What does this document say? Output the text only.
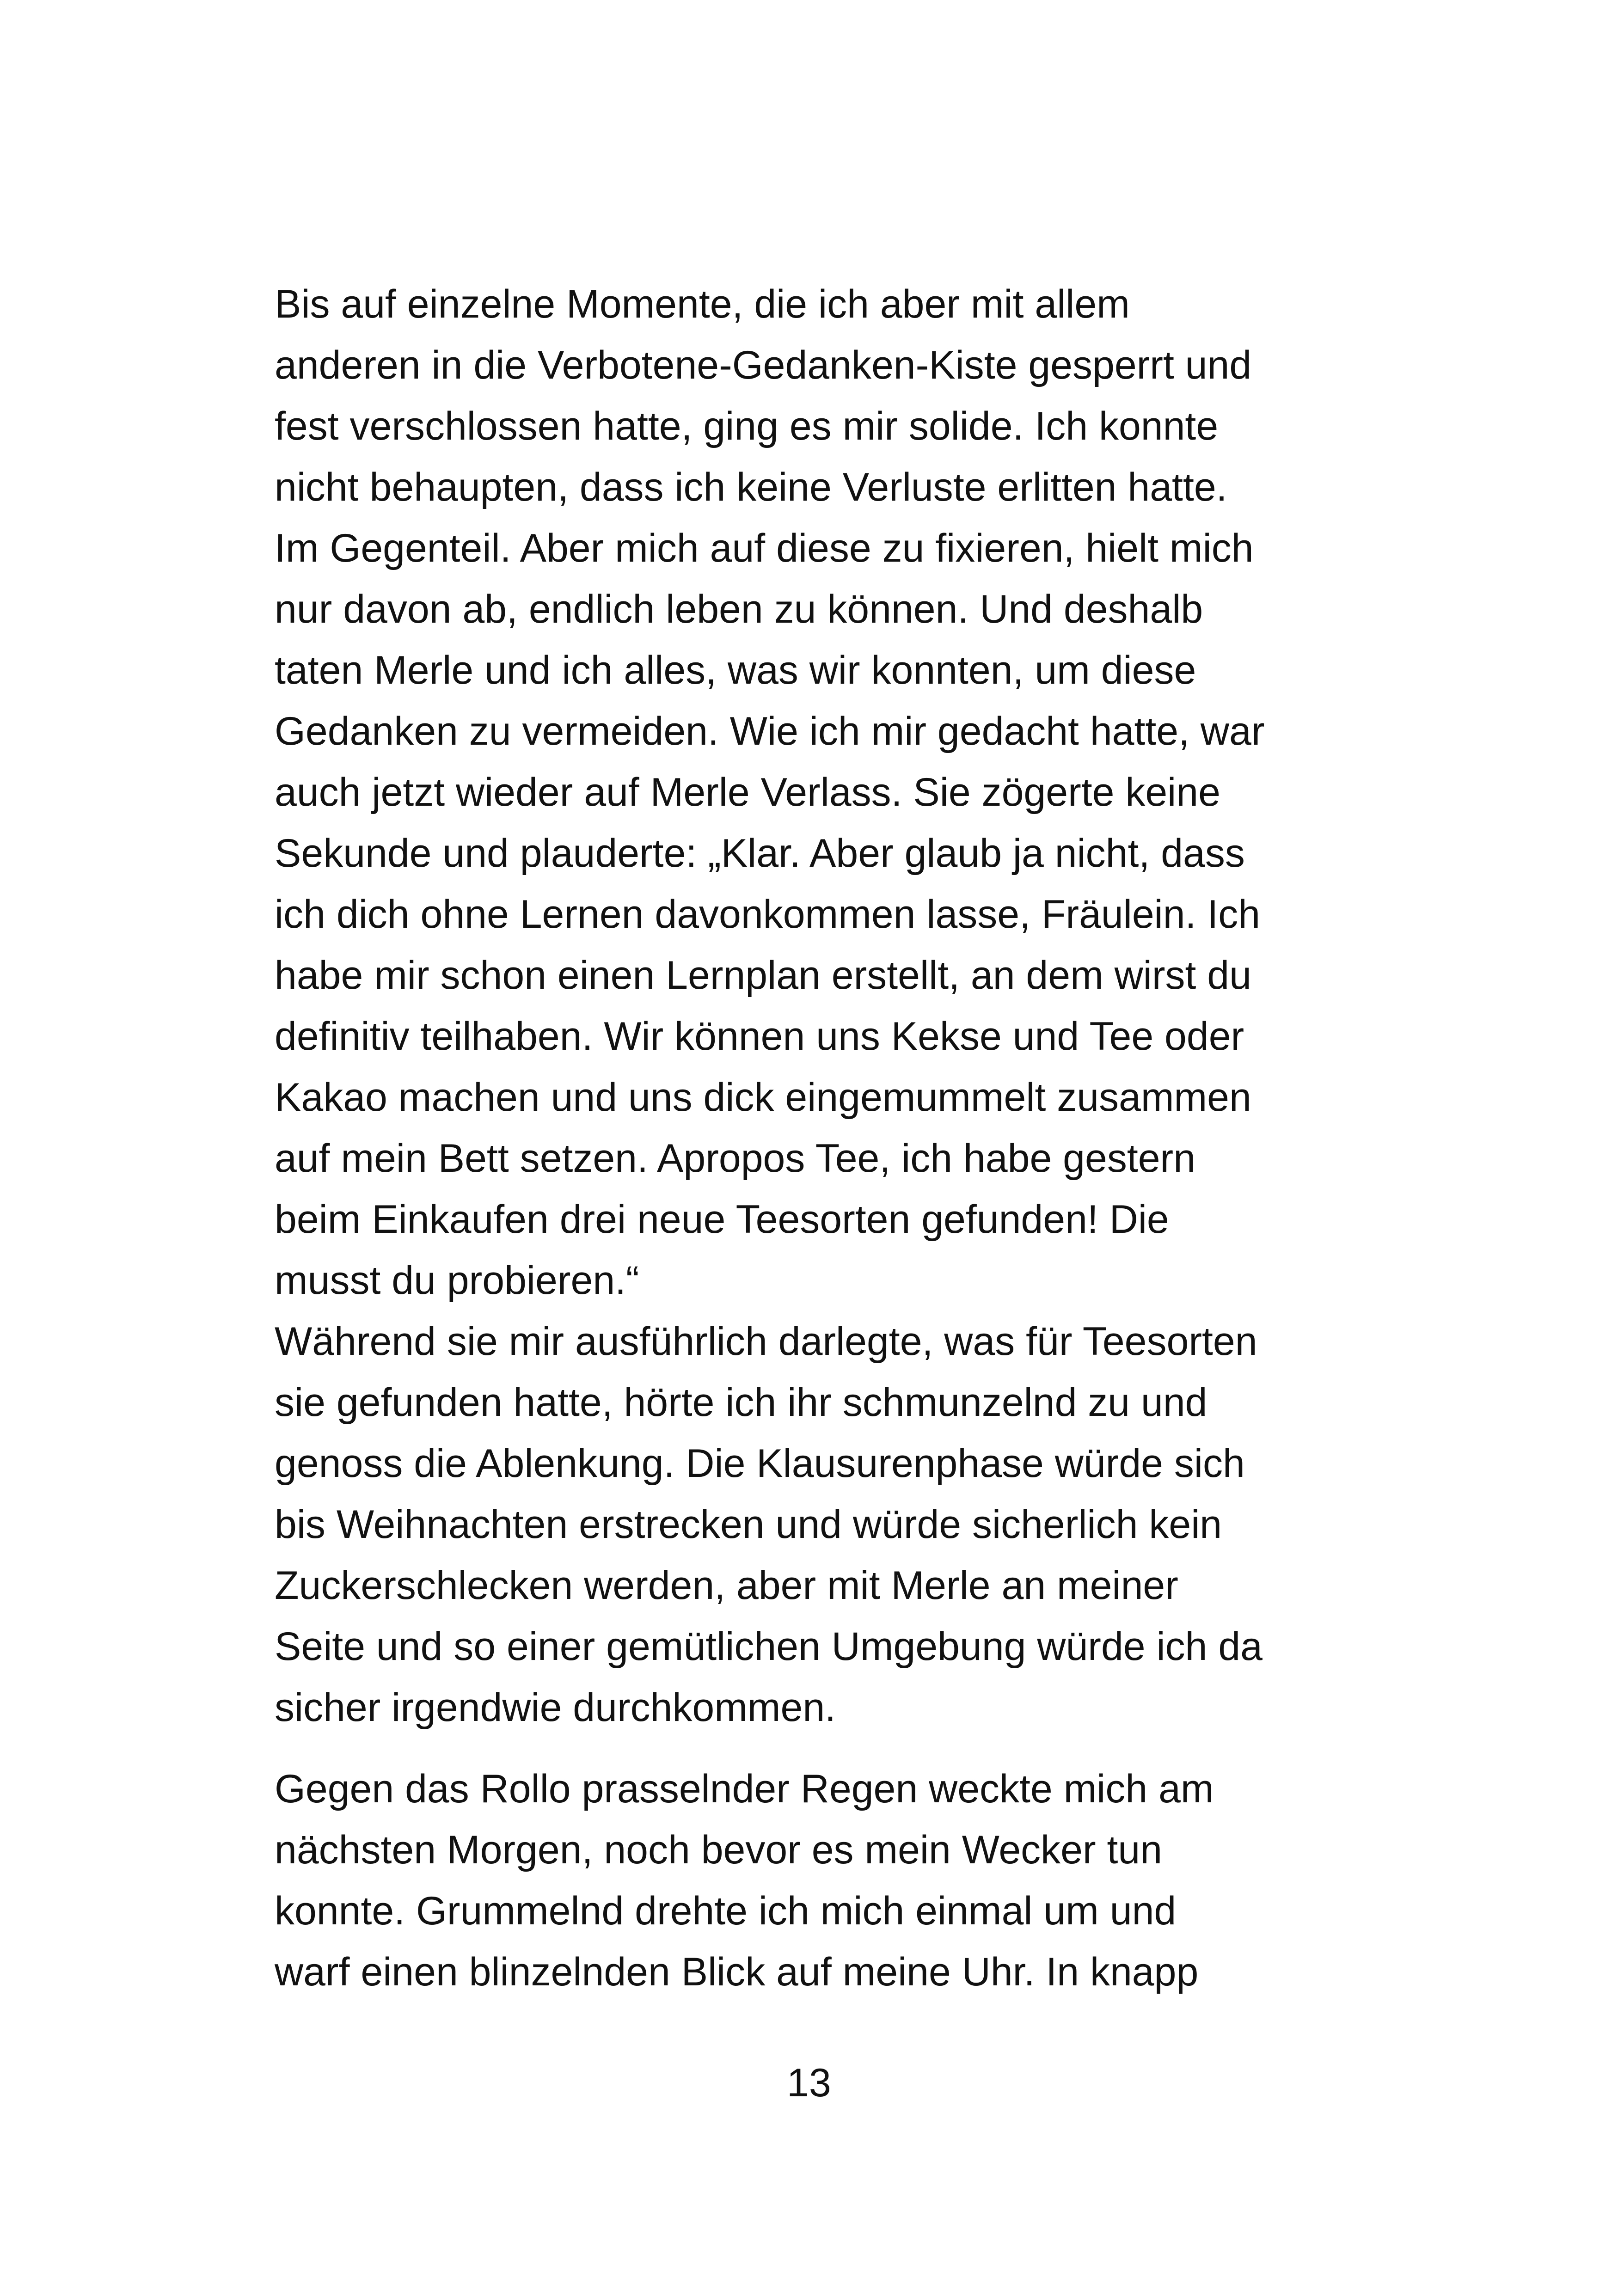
Bis auf einzelne Momente, die ich aber mit allem
anderen in die Verbotene-Gedanken-Kiste gesperrt und
fest verschlossen hatte, ging es mir solide. Ich konnte
nicht behaupten, dass ich keine Verluste erlitten hatte.
Im Gegenteil. Aber mich auf diese zu fixieren, hielt mich
nur davon ab, endlich leben zu können. Und deshalb
taten Merle und ich alles, was wir konnten, um diese
Gedanken zu vermeiden. Wie ich mir gedacht hatte, war
auch jetzt wieder auf Merle Verlass. Sie zögerte keine
Sekunde und plauderte: „Klar. Aber glaub ja nicht, dass
ich dich ohne Lernen davonkommen lasse, Fräulein. Ich
habe mir schon einen Lernplan erstellt, an dem wirst du
definitiv teilhaben. Wir können uns Kekse und Tee oder
Kakao machen und uns dick eingemummelt zusammen
auf mein Bett setzen. Apropos Tee, ich habe gestern
beim Einkaufen drei neue Teesorten gefunden! Die
musst du probieren.“
Während sie mir ausführlich darlegte, was für Teesorten
sie gefunden hatte, hörte ich ihr schmunzelnd zu und
genoss die Ablenkung. Die Klausurenphase würde sich
bis Weihnachten erstrecken und würde sicherlich kein
Zuckerschlecken werden, aber mit Merle an meiner
Seite und so einer gemütlichen Umgebung würde ich da
sicher irgendwie durchkommen.
Gegen das Rollo prasselnder Regen weckte mich am
nächsten Morgen, noch bevor es mein Wecker tun
konnte. Grummelnd drehte ich mich einmal um und
warf einen blinzelnden Blick auf meine Uhr. In knapp
13
